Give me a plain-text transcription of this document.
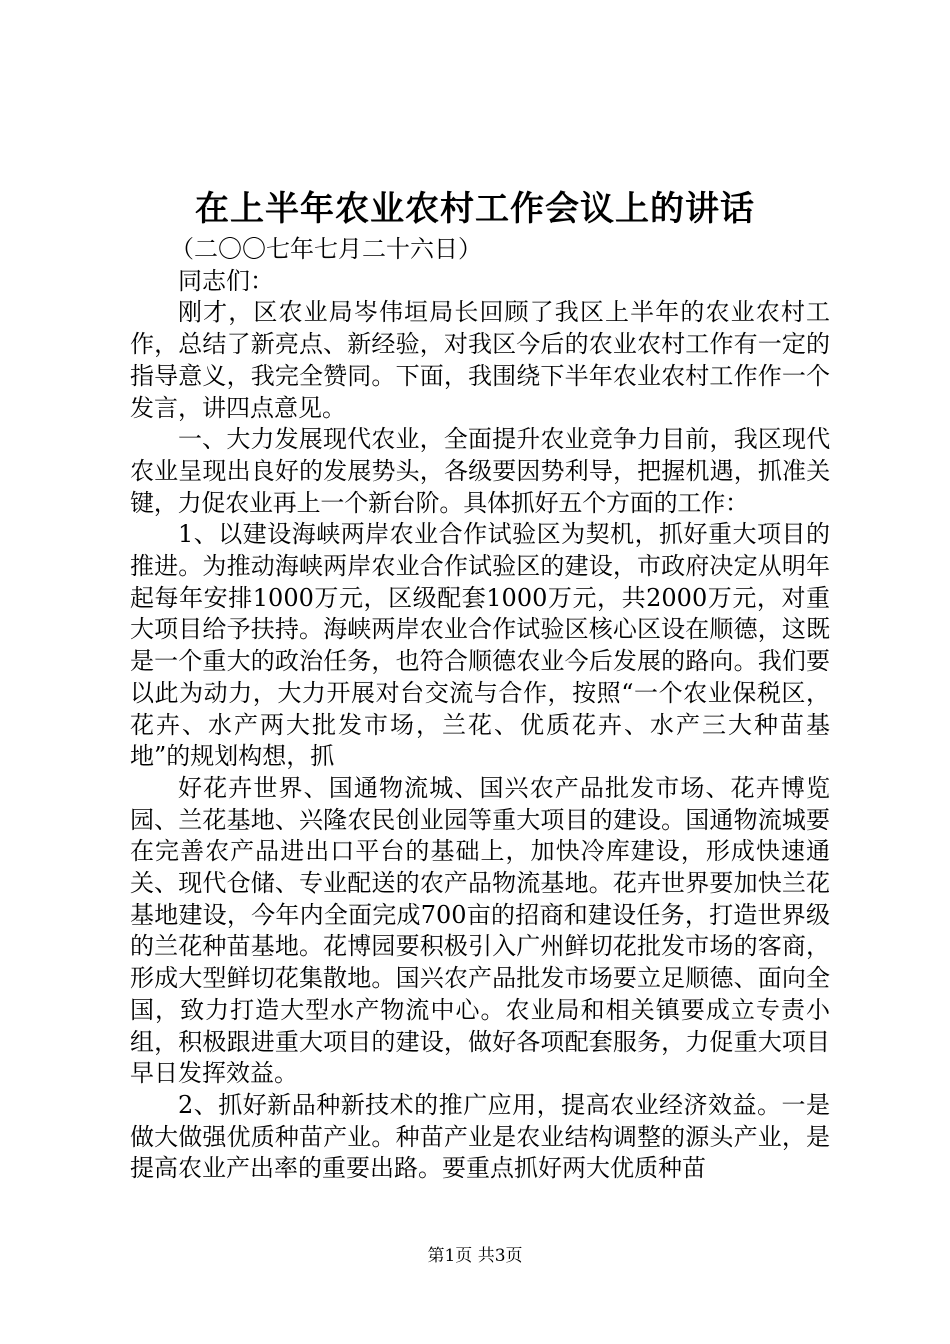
在上半年农业农村工作会议上的讲话

（二〇〇七年七月二十六日）

同志们：

刚才，区农业局岑伟垣局长回顾了我区上半年的农业农村工作，总结了新亮点、新经验，对我区今后的农业农村工作有一定的指导意义，我完全赞同。下面，我围绕下半年农业农村工作作一个发言，讲四点意见。

一、大力发展现代农业，全面提升农业竞争力目前，我区现代农业呈现出良好的发展势头，各级要因势利导，把握机遇，抓准关键，力促农业再上一个新台阶。具体抓好五个方面的工作：

1、以建设海峡两岸农业合作试验区为契机，抓好重大项目的推进。为推动海峡两岸农业合作试验区的建设，市政府决定从明年起每年安排1000万元，区级配套1000万元，共2000万元，对重大项目给予扶持。海峡两岸农业合作试验区核心区设在顺德，这既是一个重大的政治任务，也符合顺德农业今后发展的路向。我们要以此为动力，大力开展对台交流与合作，按照“一个农业保税区，花卉、水产两大批发市场，兰花、优质花卉、水产三大种苗基地”的规划构想，抓

好花卉世界、国通物流城、国兴农产品批发市场、花卉博览园、兰花基地、兴隆农民创业园等重大项目的建设。国通物流城要在完善农产品进出口平台的基础上，加快冷库建设，形成快速通关、现代仓储、专业配送的农产品物流基地。花卉世界要加快兰花基地建设，今年内全面完成700亩的招商和建设任务，打造世界级的兰花种苗基地。花博园要积极引入广州鲜切花批发市场的客商，形成大型鲜切花集散地。国兴农产品批发市场要立足顺德、面向全国，致力打造大型水产物流中心。农业局和相关镇要成立专责小组，积极跟进重大项目的建设，做好各项配套服务，力促重大项目早日发挥效益。

2、抓好新品种新技术的推广应用，提高农业经济效益。一是做大做强优质种苗产业。种苗产业是农业结构调整的源头产业，是提高农业产出率的重要出路。要重点抓好两大优质种苗

第1页 共3页
